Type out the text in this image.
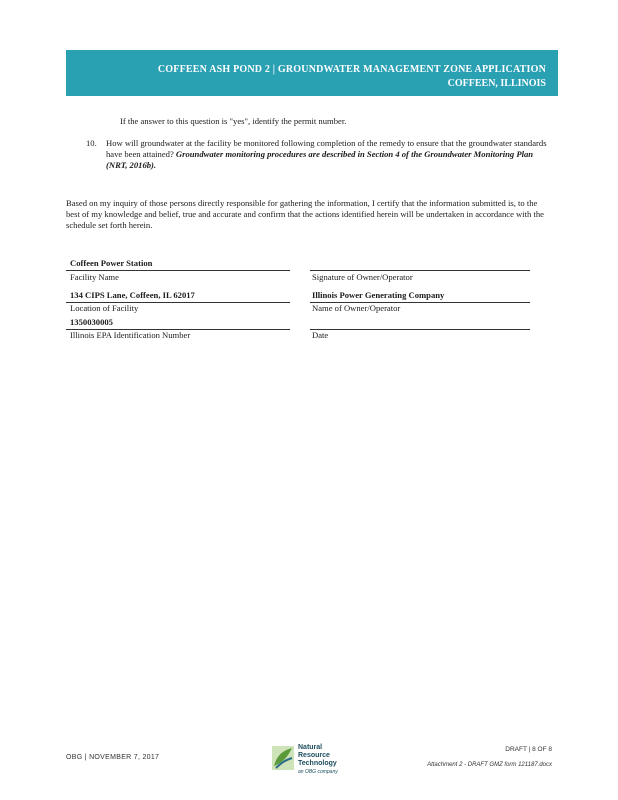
COFFEEN ASH POND 2 | GROUNDWATER MANAGEMENT ZONE APPLICATION
COFFEEN, ILLINOIS
If the answer to this question is "yes", identify the permit number.
10. How will groundwater at the facility be monitored following completion of the remedy to ensure that the groundwater standards have been attained? Groundwater monitoring procedures are described in Section 4 of the Groundwater Monitoring Plan (NRT, 2016b).
Based on my inquiry of those persons directly responsible for gathering the information, I certify that the information submitted is, to the best of my knowledge and belief, true and accurate and confirm that the actions identified herein will be undertaken in accordance with the schedule set forth herein.
Coffeen Power Station
Facility Name
134 CIPS Lane, Coffeen, IL 62017
Location of Facility
1350030005
Illinois EPA Identification Number
Signature of Owner/Operator
Illinois Power Generating Company
Name of Owner/Operator
Date
OBG | NOVEMBER 7, 2017
Natural
Resource
Technology
an OBG company
DRAFT | 8 OF 8
Attachment 2 - DRAFT GMZ form 121187.docx
